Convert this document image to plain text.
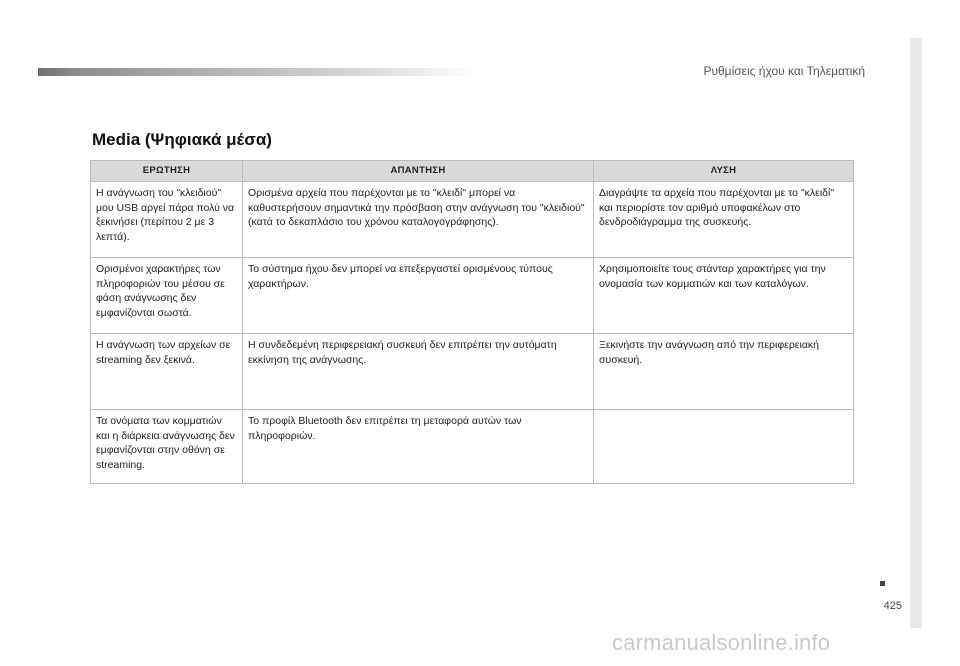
Ρυθμίσεις ήχου και Τηλεματική
425
Media (Ψηφιακά μέσα)
ΕΡΩΤΗΣΗ	ΑΠΑΝΤΗΣΗ	ΛΥΣΗ
Η ανάγνωση του "κλειδιού" μου USB αργεί πάρα πολύ να ξεκινήσει (περίπου 2 με 3 λεπτά).	Ορισμένα αρχεία που παρέχονται με το "κλειδί" μπορεί να καθυστερήσουν σημαντικά την πρόσβαση στην ανάγνωση του "κλειδιού" (κατά το δεκαπλάσιο του χρόνου καταλογογράφησης).	Διαγράψτε τα αρχεία που παρέχονται με το "κλειδί" και περιορίστε τον αριθμό υποφακέλων στο δενδροδιάγραμμα της συσκευής.
Ορισμένοι χαρακτήρες των πληροφοριών του μέσου σε φάση ανάγνωσης δεν εμφανίζονται σωστά.	Το σύστημα ήχου δεν μπορεί να επεξεργαστεί ορισμένους τύπους χαρακτήρων.	Χρησιμοποιείτε τους στάνταρ χαρακτήρες για την ονομασία των κομματιών και των καταλόγων.
Η ανάγνωση των αρχείων σε streaming δεν ξεκινά.	Η συνδεδεμένη περιφερειακή συσκευή δεν επιτρέπει την αυτόματη εκκίνηση της ανάγνωσης.	Ξεκινήστε την ανάγνωση από την περιφερειακή συσκευή.
Τα ονόματα των κομματιών και η διάρκεια ανάγνωσης δεν εμφανίζονται στην οθόνη σε streaming.	Το προφίλ Bluetooth δεν επιτρέπει τη μεταφορά αυτών των πληροφοριών.	
carmanualsonline.info
